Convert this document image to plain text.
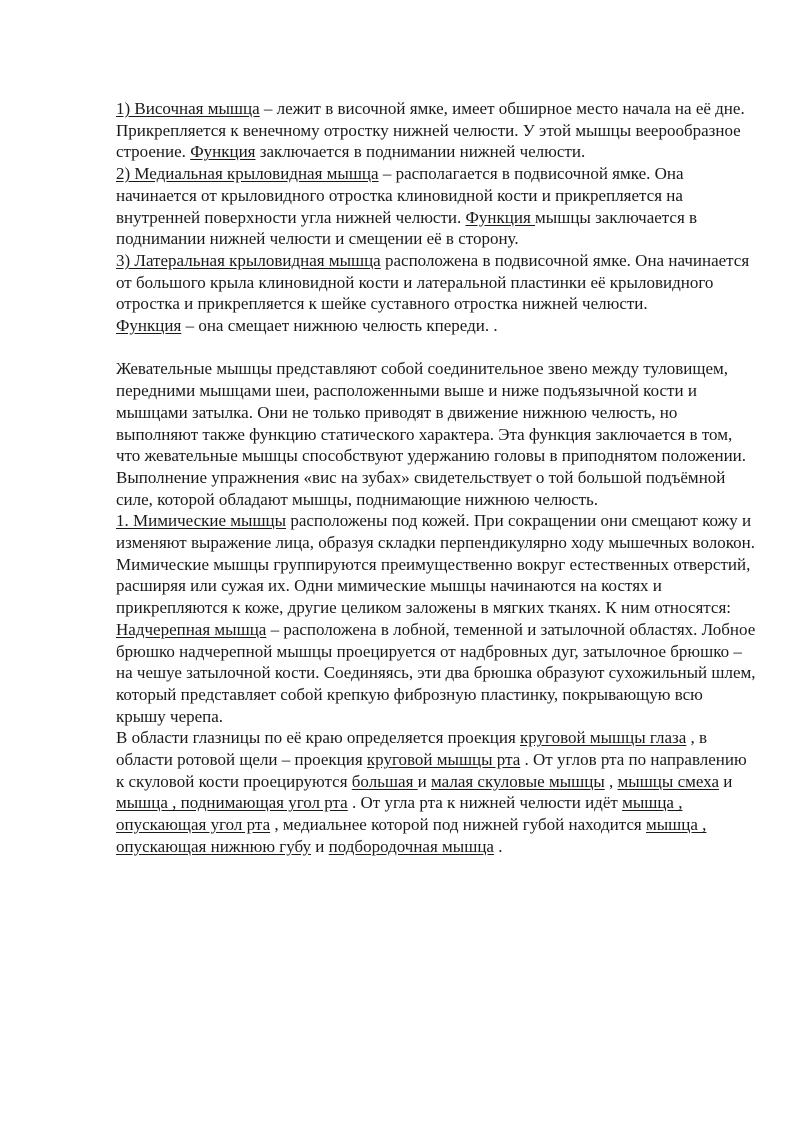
1) Височная мышца – лежит в височной ямке, имеет обширное место начала на её дне. Прикрепляется к венечному отростку нижней челюсти. У этой мышцы веерообразное строение. Функция заключается в поднимании нижней челюсти.

2) Медиальная крыловидная мышца – располагается в подвисочной ямке. Она начинается от крыловидного отростка клиновидной кости и прикрепляется на внутренней поверхности угла нижней челюсти. Функция мышцы заключается в поднимании нижней челюсти и смещении её в сторону.

3) Латеральная крыловидная мышца расположена в подвисочной ямке. Она начинается от большого крыла клиновидной кости и латеральной пластинки её крыловидного отростка и прикрепляется к шейке суставного отростка нижней челюсти.

Функция – она смещает нижнюю челюсть кпереди. .

Жевательные мышцы представляют собой соединительное звено между туловищем, передними мышцами шеи, расположенными выше и ниже подъязычной кости и мышцами затылка. Они не только приводят в движение нижнюю челюсть, но выполняют также функцию статического характера. Эта функция заключается в том, что жевательные мышцы способствуют удержанию головы в приподнятом положении. Выполнение упражнения «вис на зубах» свидетельствует о той большой подъёмной силе, которой обладают мышцы, поднимающие нижнюю челюсть.

1. Мимические мышцы расположены под кожей. При сокращении они смещают кожу и изменяют выражение лица, образуя складки перпендикулярно ходу мышечных волокон. Мимические мышцы группируются преимущественно вокруг естественных отверстий, расширяя или сужая их. Одни мимические мышцы начинаются на костях и прикрепляются к коже, другие целиком заложены в мягких тканях. К ним относятся:

Надчерепная мышца – расположена в лобной, теменной и затылочной областях. Лобное брюшко надчерепной мышцы проецируется от надбровных дуг, затылочное брюшко – на чешуе затылочной кости. Соединяясь, эти два брюшка образуют сухожильный шлем, который представляет собой крепкую фиброзную пластинку, покрывающую всю крышу черепа.

В области глазницы по её краю определяется проекция круговой мышцы глаза , в области ротовой щели – проекция круговой мышцы рта . От углов рта по направлению к скуловой кости проецируются большая и малая скуловые мышцы , мышцы смеха и мышца , поднимающая угол рта . От угла рта к нижней челюсти идёт мышца , опускающая угол рта , медиальнее которой под нижней губой находится мышца , опускающая нижнюю губу и подбородочная мышца .
